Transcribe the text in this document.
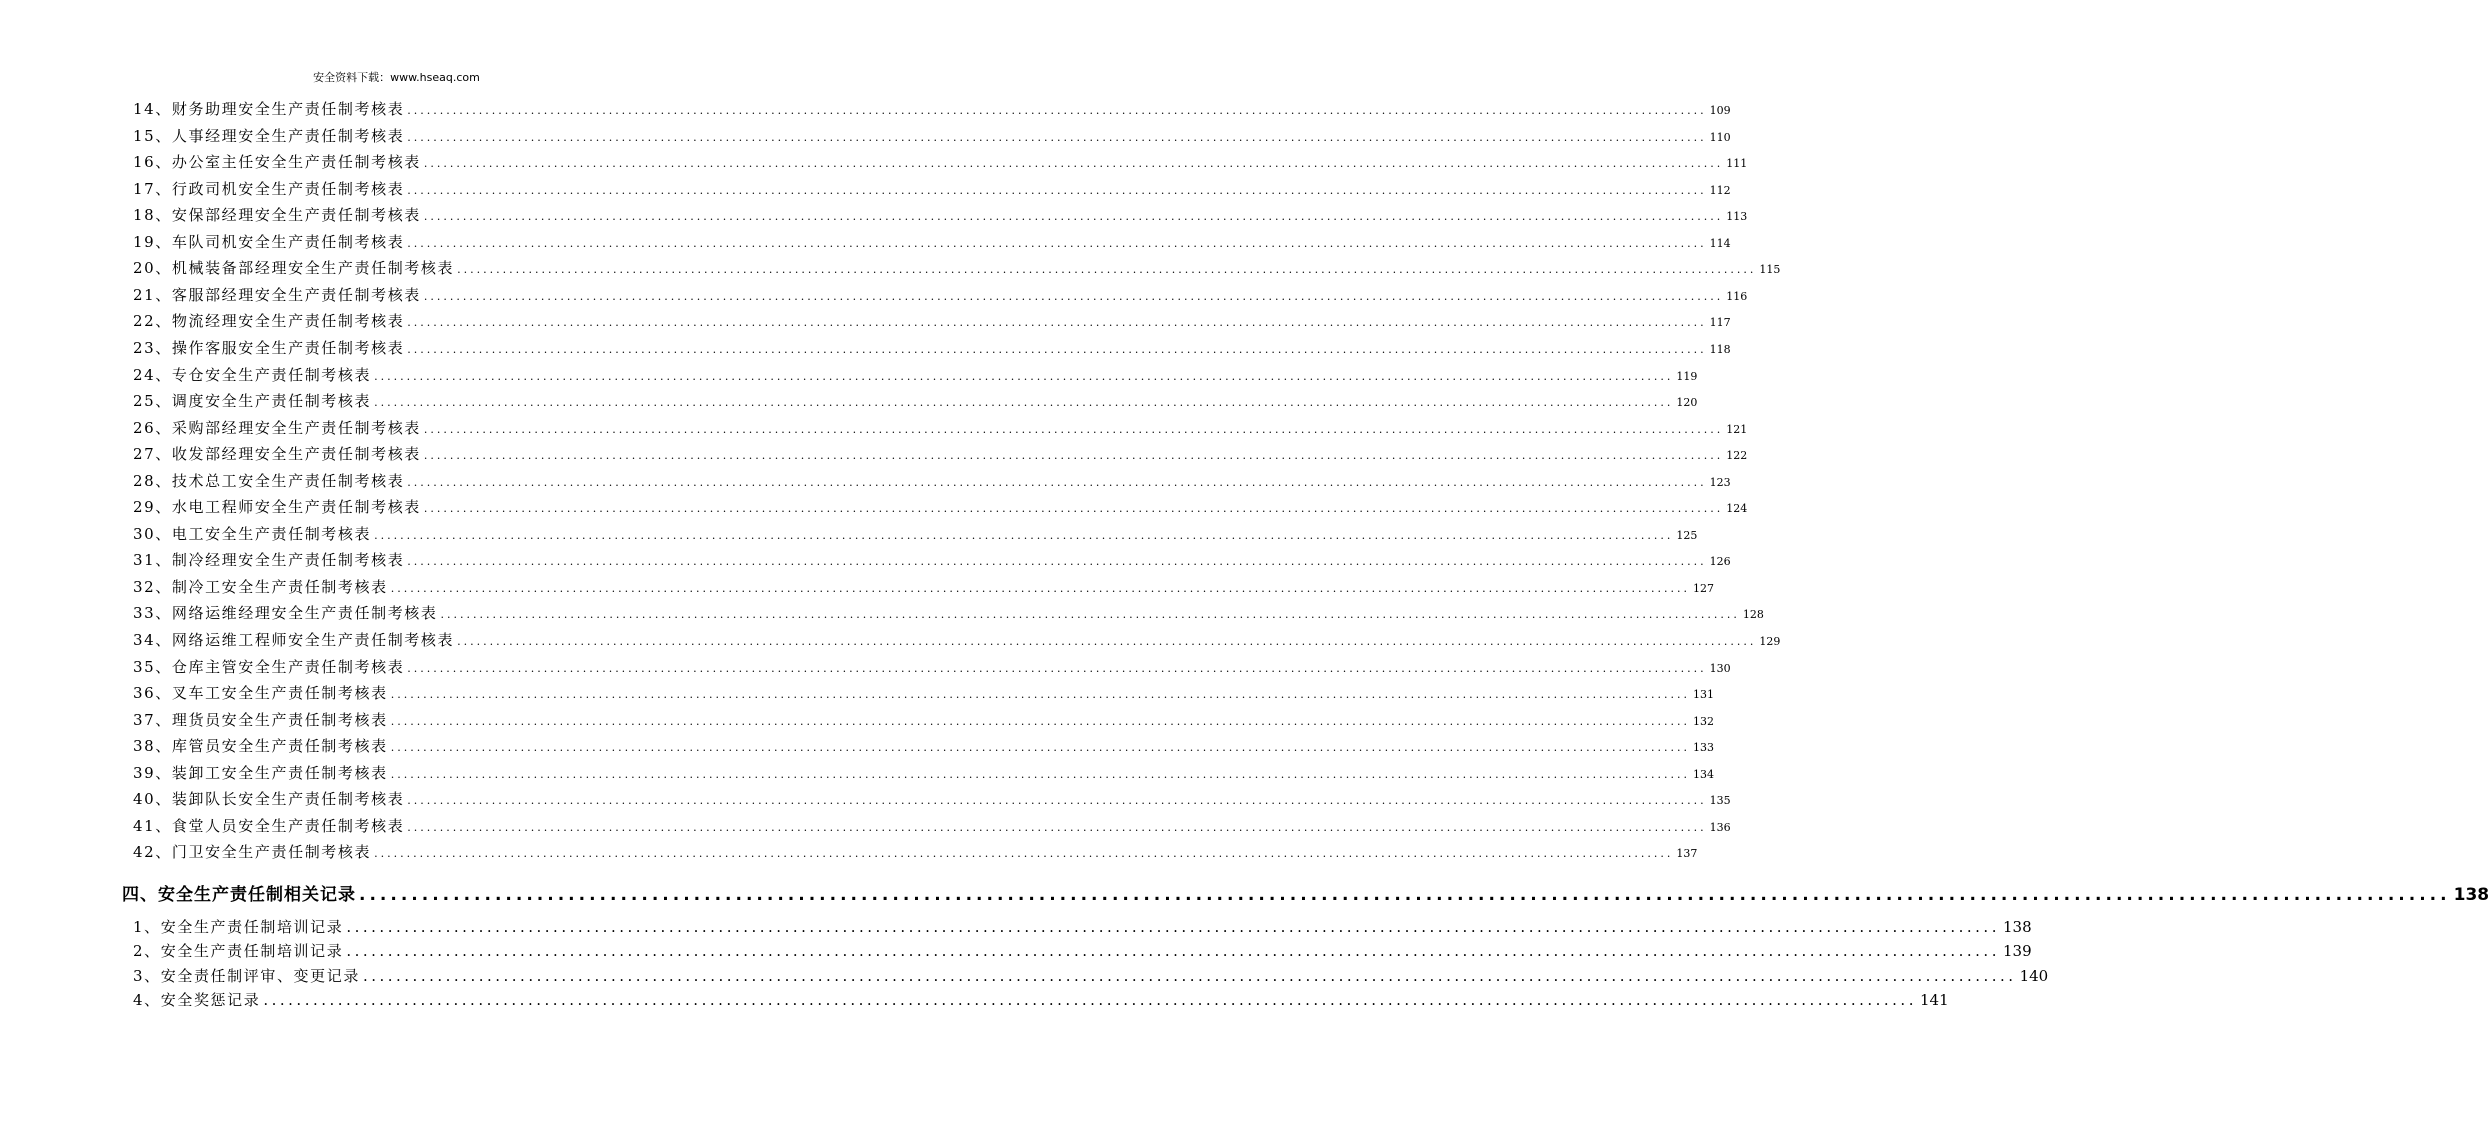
安全资料下载：www.hseaq.com
14、财务助理安全生产责任制考核表 ........................................................................................................................................................................................................ 109
15、人事经理安全生产责任制考核表 ........................................................................................................................................................................................................ 110
16、办公室主任安全生产责任制考核表 ........................................................................................................................................................................................................ 111
17、行政司机安全生产责任制考核表 ........................................................................................................................................................................................................ 112
18、安保部经理安全生产责任制考核表 ........................................................................................................................................................................................................ 113
19、车队司机安全生产责任制考核表 ........................................................................................................................................................................................................ 114
20、机械装备部经理安全生产责任制考核表 ........................................................................................................................................................................................................ 115
21、客服部经理安全生产责任制考核表 ........................................................................................................................................................................................................ 116
22、物流经理安全生产责任制考核表 ........................................................................................................................................................................................................ 117
23、操作客服安全生产责任制考核表 ........................................................................................................................................................................................................ 118
24、专仓安全生产责任制考核表 ........................................................................................................................................................................................................ 119
25、调度安全生产责任制考核表 ........................................................................................................................................................................................................ 120
26、采购部经理安全生产责任制考核表 ........................................................................................................................................................................................................ 121
27、收发部经理安全生产责任制考核表 ........................................................................................................................................................................................................ 122
28、技术总工安全生产责任制考核表 ........................................................................................................................................................................................................ 123
29、水电工程师安全生产责任制考核表 ........................................................................................................................................................................................................ 124
30、电工安全生产责任制考核表 ........................................................................................................................................................................................................ 125
31、制冷经理安全生产责任制考核表 ........................................................................................................................................................................................................ 126
32、制冷工安全生产责任制考核表 ........................................................................................................................................................................................................ 127
33、网络运维经理安全生产责任制考核表 ........................................................................................................................................................................................................ 128
34、网络运维工程师安全生产责任制考核表 ........................................................................................................................................................................................................ 129
35、仓库主管安全生产责任制考核表 ........................................................................................................................................................................................................ 130
36、叉车工安全生产责任制考核表 ........................................................................................................................................................................................................ 131
37、理货员安全生产责任制考核表 ........................................................................................................................................................................................................ 132
38、库管员安全生产责任制考核表 ........................................................................................................................................................................................................ 133
39、装卸工安全生产责任制考核表 ........................................................................................................................................................................................................ 134
40、装卸队长安全生产责任制考核表 ........................................................................................................................................................................................................ 135
41、食堂人员安全生产责任制考核表 ........................................................................................................................................................................................................ 136
42、门卫安全生产责任制考核表 ........................................................................................................................................................................................................ 137
四、安全生产责任制相关记录 ........................................................................................................................................................................................................ 138
1、安全生产责任制培训记录 ........................................................................................................................................................................................................ 138
2、安全生产责任制培训记录 ........................................................................................................................................................................................................ 139
3、安全责任制评审、变更记录 ........................................................................................................................................................................................................ 140
4、安全奖惩记录 ........................................................................................................................................................................................................ 141
